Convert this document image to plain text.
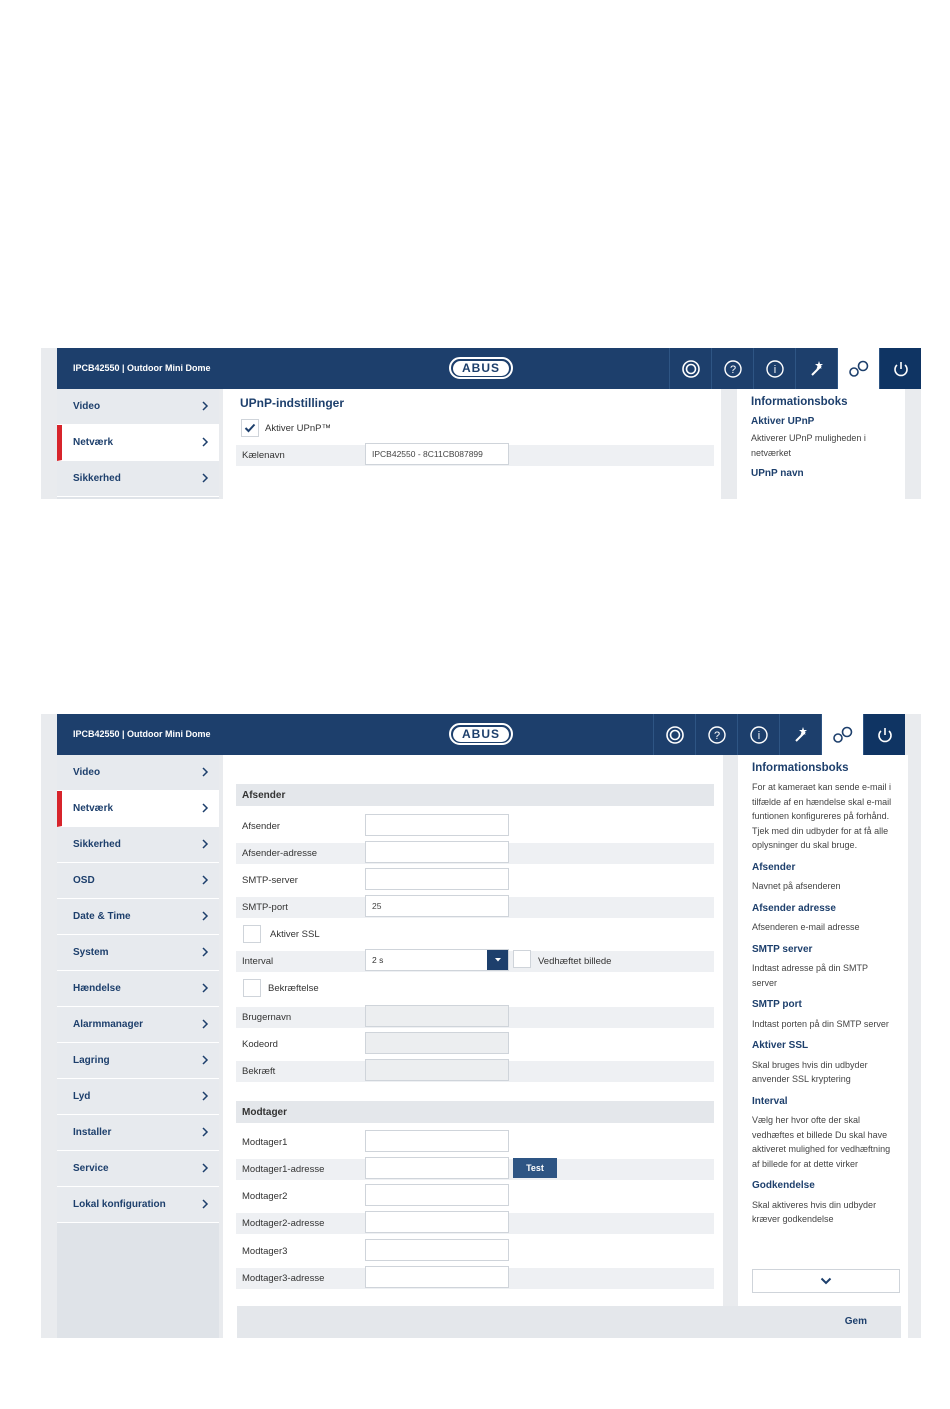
IPCB42550 | Outdoor Mini Dome	ABUS	?	i
Video
Netværk
Sikkerhed
UPnP-indstillinger
Aktiver UPnP™
Kælenavn	IPCB42550 - 8C11CB087899
Informationsboks
Aktiver UPnP
Aktiverer UPnP muligheden i netværket
UPnP navn
IPCB42550 | Outdoor Mini Dome	ABUS	?	i
Video
Netværk
Sikkerhed
OSD
Date & Time
System
Hændelse
Alarmmanager
Lagring
Lyd
Installer
Service
Lokal konfiguration
Afsender
Afsender
Afsender-adresse
SMTP-server
SMTP-port	25
Aktiver SSL
Interval	2 s	Vedhæftet billede
Bekræftelse
Brugernavn
Kodeord
Bekræft
Modtager
Modtager1
Modtager1-adresse	Test
Modtager2
Modtager2-adresse
Modtager3
Modtager3-adresse
Informationsboks
For at kameraet kan sende e-mail i tilfælde af en hændelse skal e-mail funtionen konfigureres på forhånd. Tjek med din udbyder for at få alle oplysninger du skal bruge.
Afsender
Navnet på afsenderen
Afsender adresse
Afsenderen e-mail adresse
SMTP server
Indtast adresse på din SMTP server
SMTP port
Indtast porten på din SMTP server
Aktiver SSL
Skal bruges hvis din udbyder anvender SSL kryptering
Interval
Vælg her hvor ofte der skal vedhæftes et billede Du skal have aktiveret mulighed for vedhæftning af billede for at dette virker
Godkendelse
Skal aktiveres hvis din udbyder kræver godkendelse
Gem
